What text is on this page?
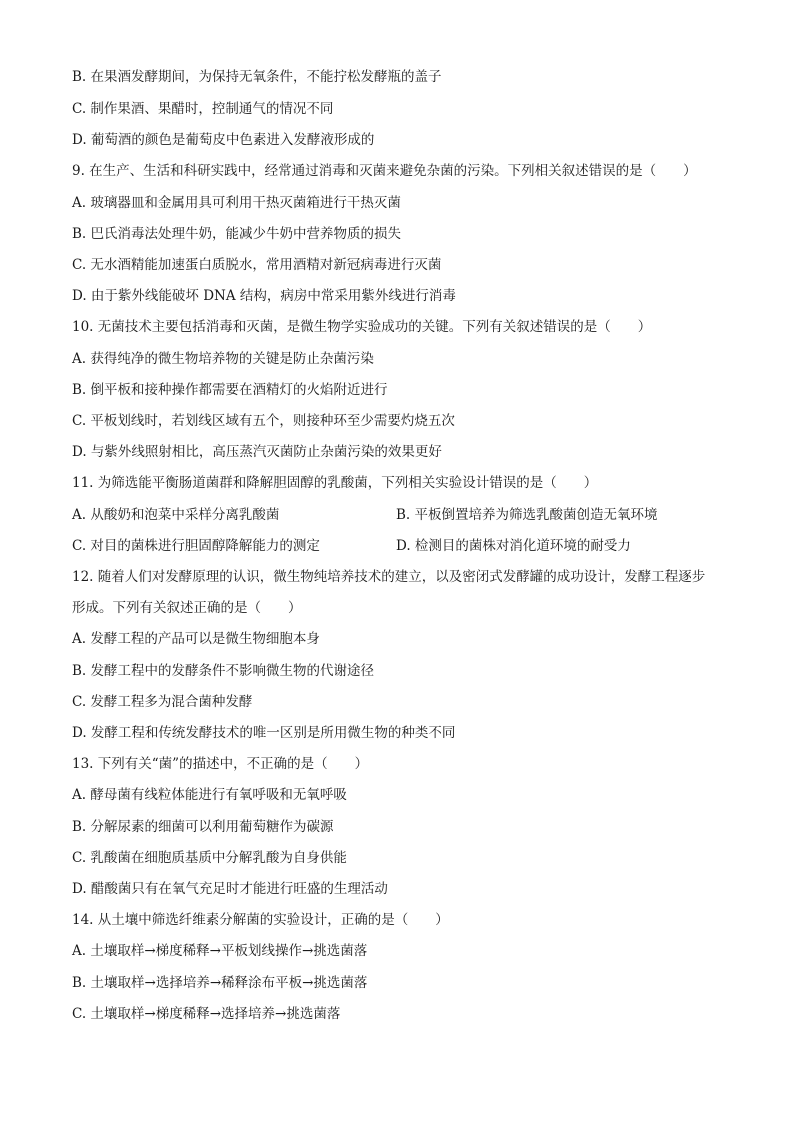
B. 在果酒发酵期间，为保持无氧条件，不能拧松发酵瓶的盖子
C. 制作果酒、果醋时，控制通气的情况不同
D. 葡萄酒的颜色是葡萄皮中色素进入发酵液形成的
9. 在生产、生活和科研实践中，经常通过消毒和灭菌来避免杂菌的污染。下列相关叙述错误的是（　　）
A. 玻璃器皿和金属用具可利用干热灭菌箱进行干热灭菌
B. 巴氏消毒法处理牛奶，能减少牛奶中营养物质的损失
C. 无水酒精能加速蛋白质脱水，常用酒精对新冠病毒进行灭菌
D. 由于紫外线能破坏 DNA 结构，病房中常采用紫外线进行消毒
10. 无菌技术主要包括消毒和灭菌，是微生物学实验成功的关键。下列有关叙述错误的是（　　）
A. 获得纯净的微生物培养物的关键是防止杂菌污染
B. 倒平板和接种操作都需要在酒精灯的火焰附近进行
C. 平板划线时，若划线区域有五个，则接种环至少需要灼烧五次
D. 与紫外线照射相比，高压蒸汽灭菌防止杂菌污染的效果更好
11. 为筛选能平衡肠道菌群和降解胆固醇的乳酸菌，下列相关实验设计错误的是（　　）
A. 从酸奶和泡菜中采样分离乳酸菌	B. 平板倒置培养为筛选乳酸菌创造无氧环境
C. 对目的菌株进行胆固醇降解能力的测定	D. 检测目的菌株对消化道环境的耐受力
12. 随着人们对发酵原理的认识，微生物纯培养技术的建立，以及密闭式发酵罐的成功设计，发酵工程逐步
形成。下列有关叙述正确的是（　　）
A. 发酵工程的产品可以是微生物细胞本身
B. 发酵工程中的发酵条件不影响微生物的代谢途径
C. 发酵工程多为混合菌种发酵
D. 发酵工程和传统发酵技术的唯一区别是所用微生物的种类不同
13. 下列有关“菌”的描述中，不正确的是（　　）
A. 酵母菌有线粒体能进行有氧呼吸和无氧呼吸
B. 分解尿素的细菌可以利用葡萄糖作为碳源
C. 乳酸菌在细胞质基质中分解乳酸为自身供能
D. 醋酸菌只有在氧气充足时才能进行旺盛的生理活动
14. 从土壤中筛选纤维素分解菌的实验设计，正确的是（　　）
A. 土壤取样→梯度稀释→平板划线操作→挑选菌落
B. 土壤取样→选择培养→稀释涂布平板→挑选菌落
C. 土壤取样→梯度稀释→选择培养→挑选菌落
